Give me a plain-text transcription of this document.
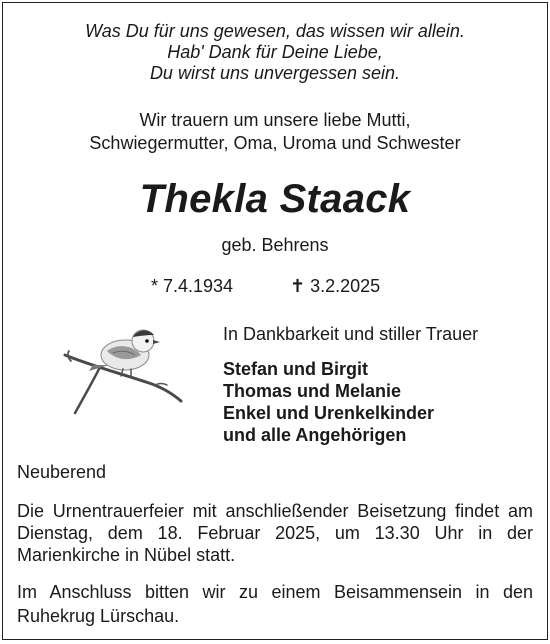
Was Du für uns gewesen, das wissen wir allein.
Hab' Dank für Deine Liebe,
Du wirst uns unvergessen sein.
Wir trauern um unsere liebe Mutti,
Schwiegermutter, Oma, Uroma und Schwester
Thekla Staack
geb. Behrens
* 7.4.1934	✝ 3.2.2025
In Dankbarkeit und stiller Trauer
Stefan und Birgit
Thomas und Melanie
Enkel und Urenkelkinder
und alle Angehörigen
Neuberend
Die Urnentrauerfeier mit anschließender Beisetzung findet am Dienstag, dem 18. Februar 2025, um 13.30 Uhr in der Marienkirche in Nübel statt.
Im Anschluss bitten wir zu einem Beisammensein in den Ruhekrug Lürschau.
